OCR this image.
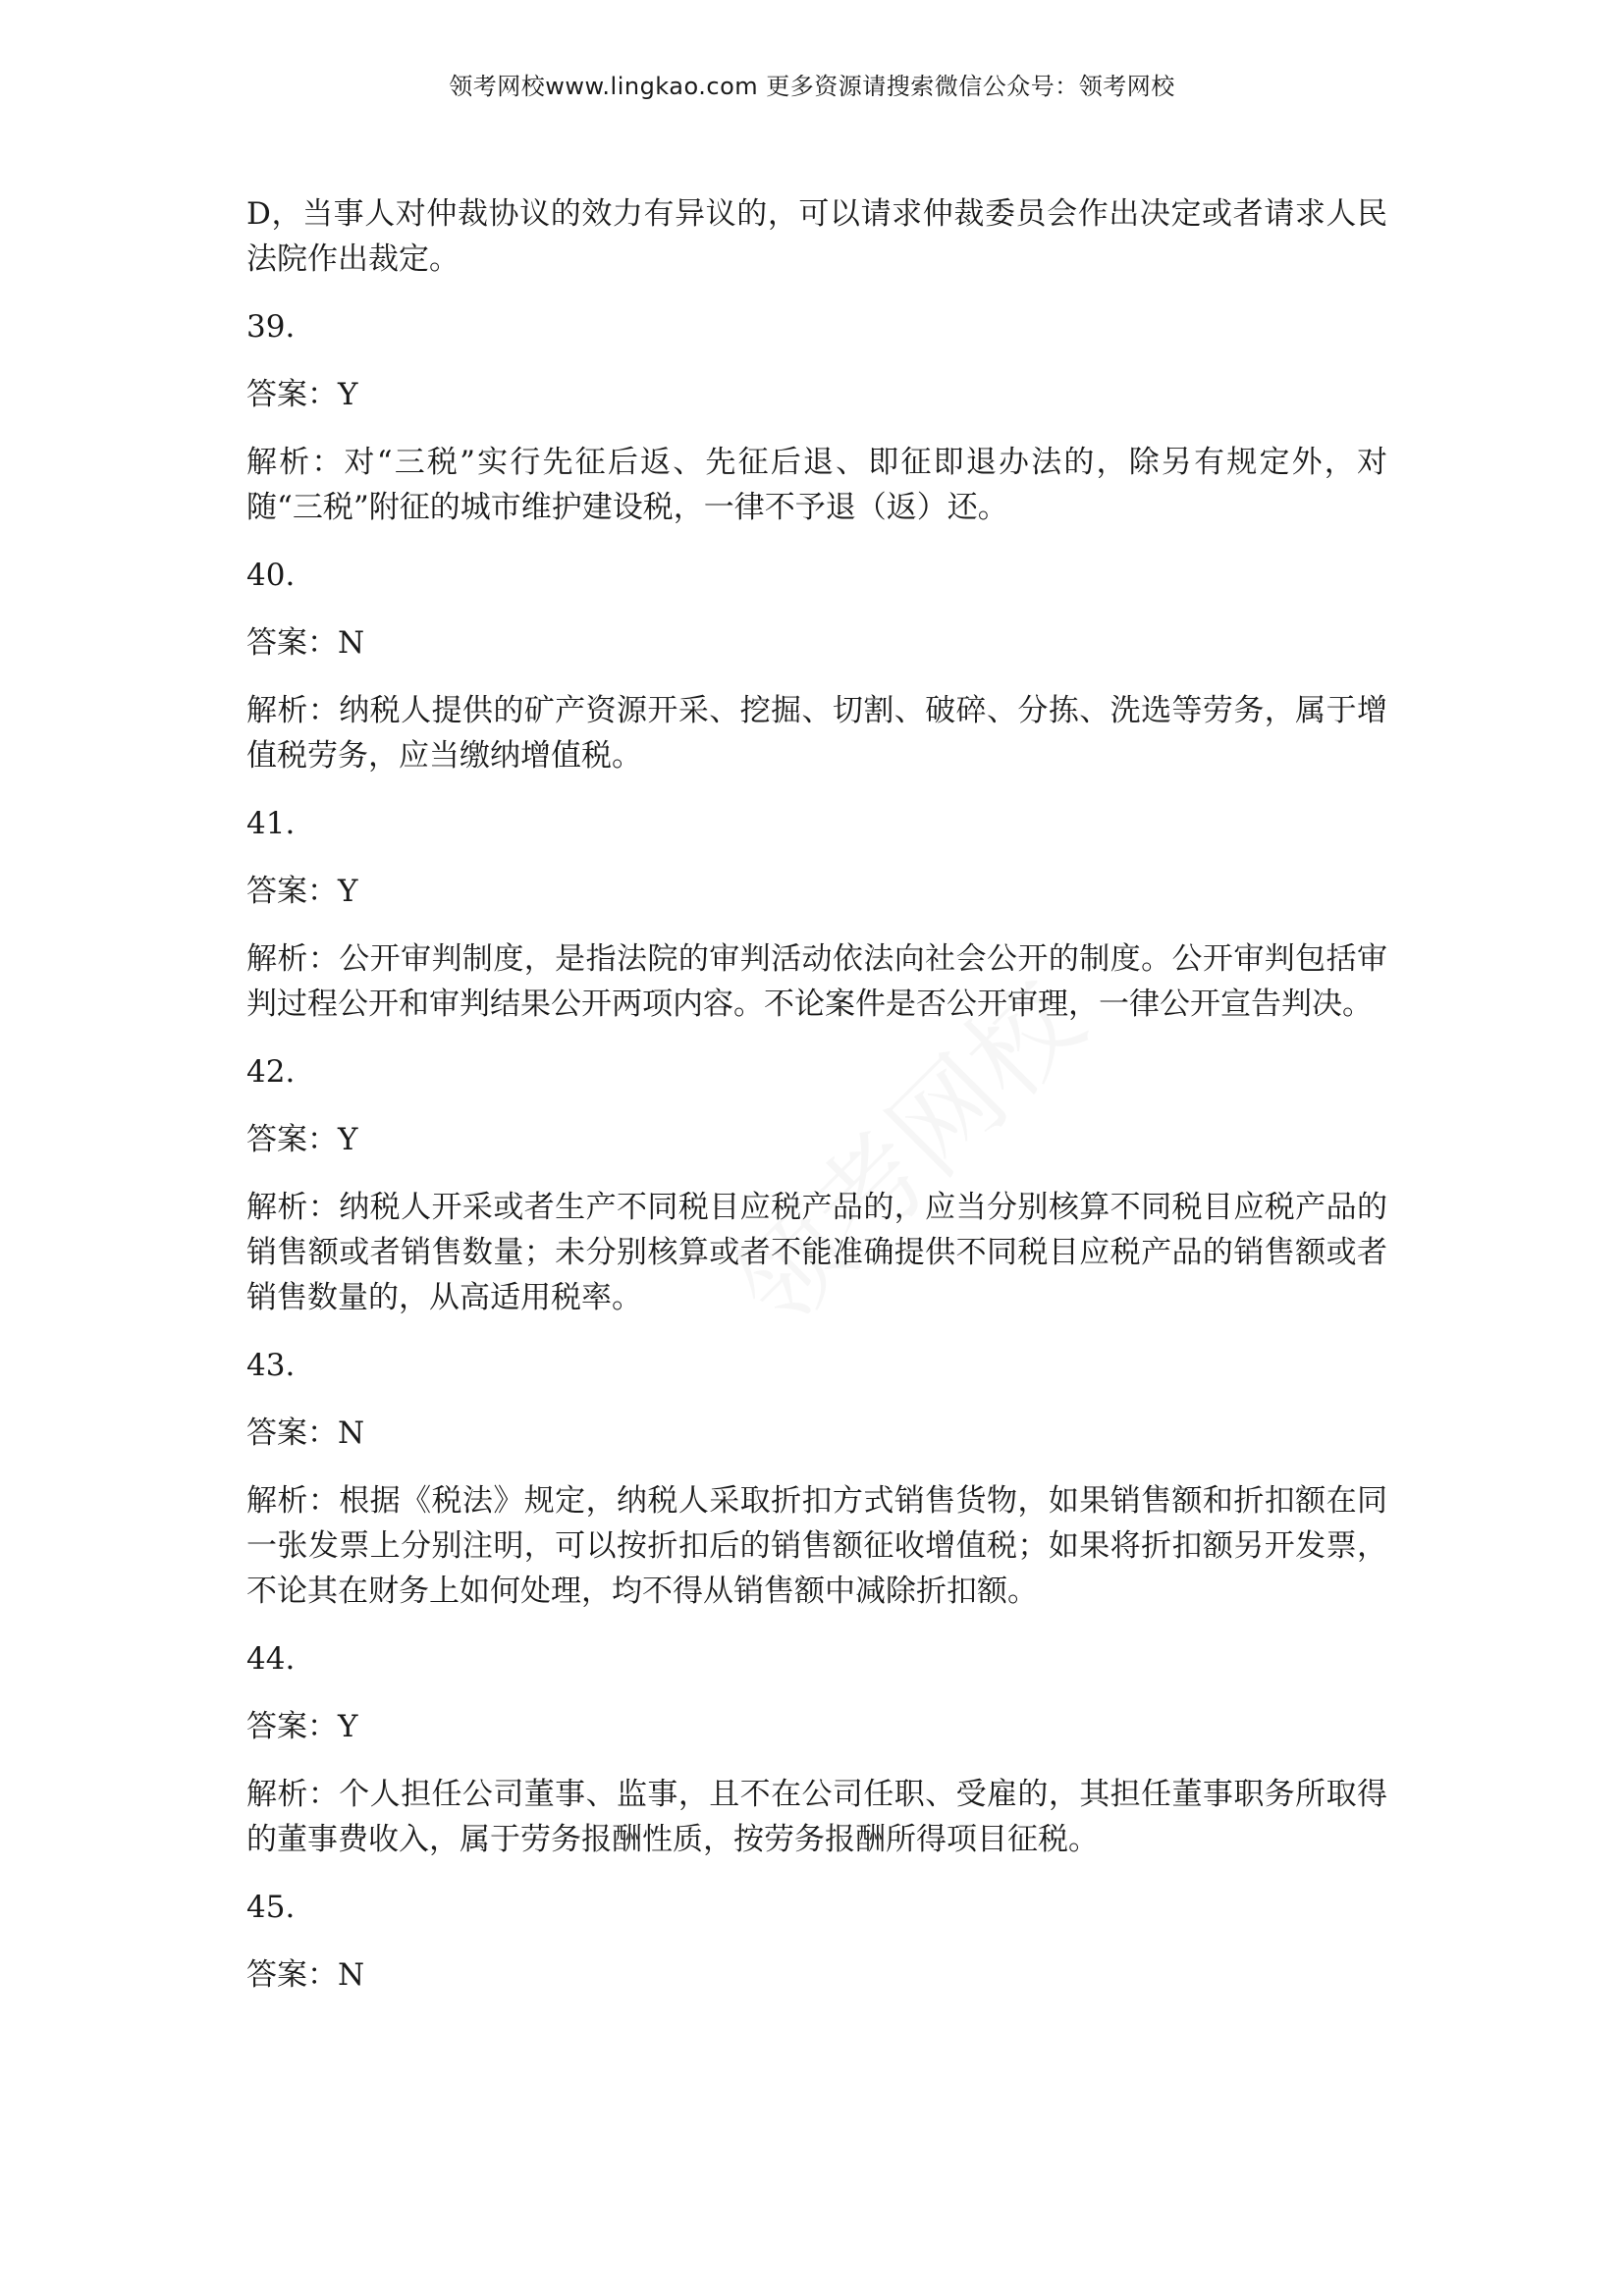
领考网校www.lingkao.com 更多资源请搜索微信公众号：领考网校

D，当事人对仲裁协议的效力有异议的，可以请求仲裁委员会作出决定或者请求人民法院作出裁定。

39.

答案：Y

解析：对“三税”实行先征后返、先征后退、即征即退办法的，除另有规定外，对随“三税”附征的城市维护建设税，一律不予退（返）还。

40.

答案：N

解析：纳税人提供的矿产资源开采、挖掘、切割、破碎、分拣、洗选等劳务，属于增值税劳务，应当缴纳增值税。

41.

答案：Y

解析：公开审判制度，是指法院的审判活动依法向社会公开的制度。公开审判包括审判过程公开和审判结果公开两项内容。不论案件是否公开审理，一律公开宣告判决。

42.

答案：Y

解析：纳税人开采或者生产不同税目应税产品的，应当分别核算不同税目应税产品的销售额或者销售数量；未分别核算或者不能准确提供不同税目应税产品的销售额或者销售数量的，从高适用税率。

43.

答案：N

解析：根据《税法》规定，纳税人采取折扣方式销售货物，如果销售额和折扣额在同一张发票上分别注明，可以按折扣后的销售额征收增值税；如果将折扣额另开发票，不论其在财务上如何处理，均不得从销售额中减除折扣额。

44.

答案：Y

解析：个人担任公司董事、监事，且不在公司任职、受雇的，其担任董事职务所取得的董事费收入，属于劳务报酬性质，按劳务报酬所得项目征税。

45.

答案：N
